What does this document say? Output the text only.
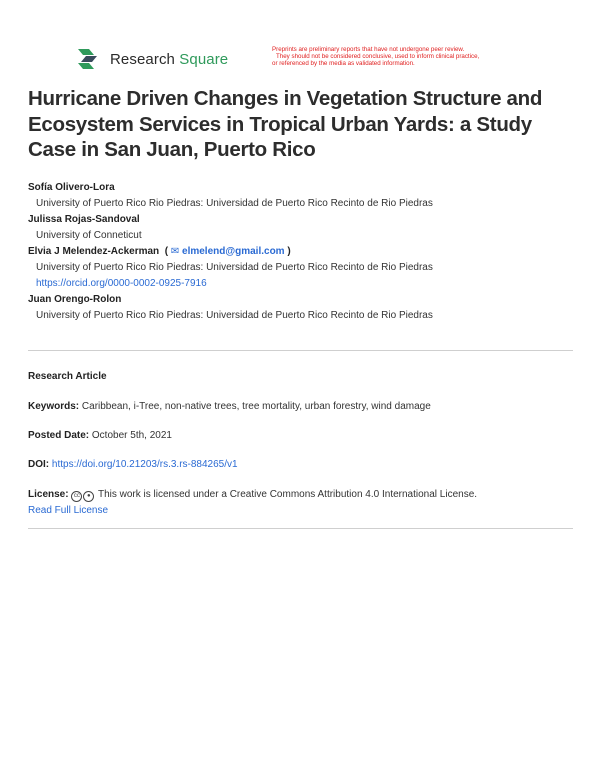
Research Square
Preprints are preliminary reports that have not undergone peer review.
They should not be considered conclusive, used to inform clinical practice,
or referenced by the media as validated information.
Hurricane Driven Changes in Vegetation Structure and Ecosystem Services in Tropical Urban Yards: a Study Case in San Juan, Puerto Rico
Sofía Olivero-Lora
University of Puerto Rico Rio Piedras: Universidad de Puerto Rico Recinto de Rio Piedras
Julissa Rojas-Sandoval
University of Conneticut
Elvia J Melendez-Ackerman  ( ✉ elmelend@gmail.com )
University of Puerto Rico Rio Piedras: Universidad de Puerto Rico Recinto de Rio Piedras
https://orcid.org/0000-0002-0925-7916
Juan Orengo-Rolon
University of Puerto Rico Rio Piedras: Universidad de Puerto Rico Recinto de Rio Piedras
Research Article
Keywords: Caribbean, i-Tree, non-native trees, tree mortality, urban forestry, wind damage
Posted Date: October 5th, 2021
DOI: https://doi.org/10.21203/rs.3.rs-884265/v1
License: cc ● This work is licensed under a Creative Commons Attribution 4.0 International License.
Read Full License
